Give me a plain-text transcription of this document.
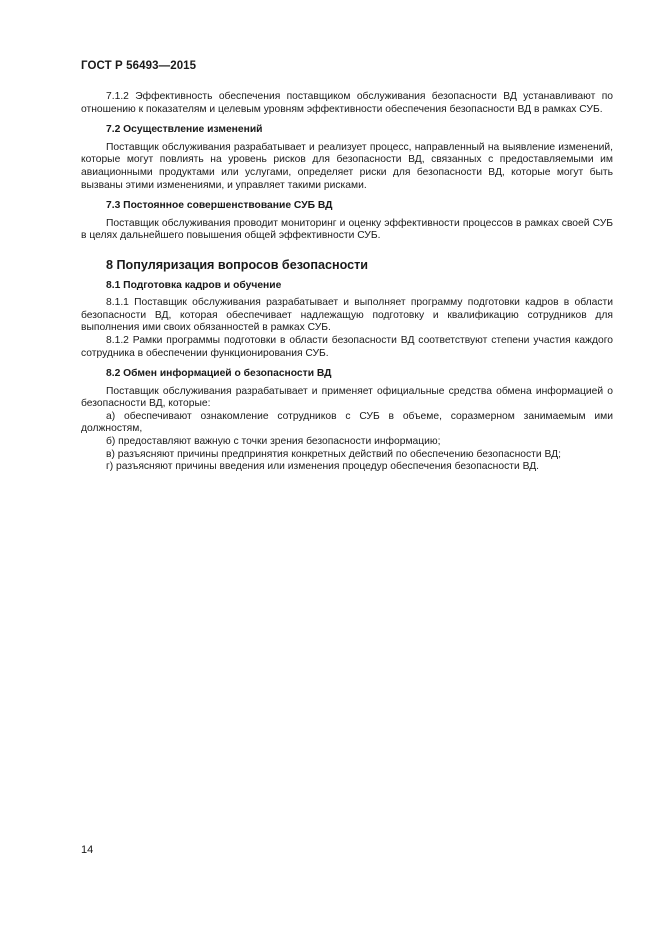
ГОСТ Р 56493—2015

7.1.2 Эффективность обеспечения поставщиком обслуживания безопасности ВД устанавливают по отношению к показателям и целевым уровням эффективности обеспечения безопасности ВД в рамках СУБ.

7.2 Осуществление изменений

Поставщик обслуживания разрабатывает и реализует процесс, направленный на выявление изменений, которые могут повлиять на уровень рисков для безопасности ВД, связанных с предоставляемыми им авиационными продуктами или услугами, определяет риски для безопасности ВД, которые могут быть вызваны этими изменениями, и управляет такими рисками.

7.3 Постоянное совершенствование СУБ ВД

Поставщик обслуживания проводит мониторинг и оценку эффективности процессов в рамках своей СУБ в целях дальнейшего повышения общей эффективности СУБ.

8 Популяризация вопросов безопасности
8.1 Подготовка кадров и обучение

8.1.1 Поставщик обслуживания разрабатывает и выполняет программу подготовки кадров в области безопасности ВД, которая обеспечивает надлежащую подготовку и квалификацию сотрудников для выполнения ими своих обязанностей в рамках СУБ.

8.1.2 Рамки программы подготовки в области безопасности ВД соответствуют степени участия каждого сотрудника в обеспечении функционирования СУБ.

8.2 Обмен информацией о безопасности ВД

Поставщик обслуживания разрабатывает и применяет официальные средства обмена информацией о безопасности ВД, которые:

а) обеспечивают ознакомление сотрудников с СУБ в объеме, соразмерном занимаемым ими должностям,

б) предоставляют важную с точки зрения безопасности информацию;

в) разъясняют причины предпринятия конкретных действий по обеспечению безопасности ВД;

г) разъясняют причины введения или изменения процедур обеспечения безопасности ВД.

14
